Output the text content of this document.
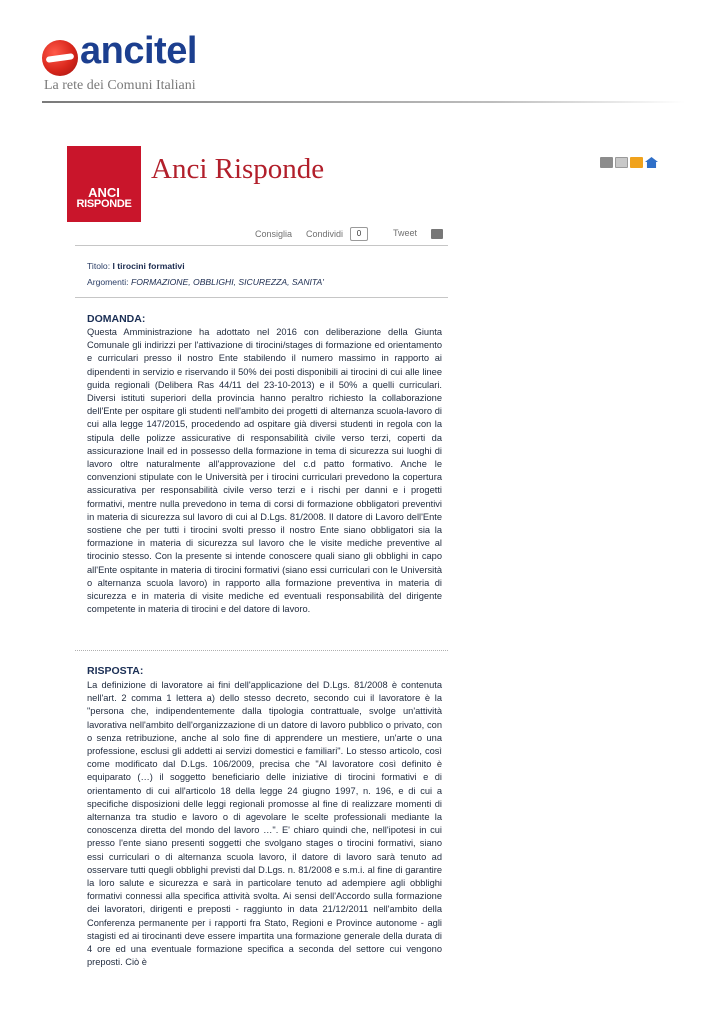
ancitel
La rete dei Comuni Italiani
ANCI
RISPONDE
Anci Risponde
Consiglia Condividi	0	Tweet
Titolo: I tirocini formativi
Argomenti: FORMAZIONE, OBBLIGHI, SICUREZZA, SANITA'
DOMANDA:
Questa Amministrazione ha adottato nel 2016 con deliberazione della Giunta Comunale gli indirizzi per l'attivazione di tirocini/stages di formazione ed orientamento e curriculari presso il nostro Ente stabilendo il numero massimo in rapporto ai dipendenti in servizio e riservando il 50% dei posti disponibili ai tirocini di cui alle linee guida regionali (Delibera Ras 44/11 del 23-10-2013) e il 50% a quelli curriculari. Diversi istituti superiori della provincia hanno peraltro richiesto la collaborazione dell'Ente per ospitare gli studenti nell'ambito dei progetti di alternanza scuola-lavoro di cui alla legge 147/2015, procedendo ad ospitare già diversi studenti in regola con la stipula delle polizze assicurative di responsabilità civile verso terzi, coperti da assicurazione Inail ed in possesso della formazione in tema di sicurezza sui luoghi di lavoro oltre naturalmente all'approvazione del c.d patto formativo. Anche le convenzioni stipulate con le Università per i tirocini curriculari prevedono la copertura assicurativa per responsabilità civile verso terzi e i rischi per danni e i progetti formativi, mentre nulla prevedono in tema di corsi di formazione obbligatori preventivi in materia di sicurezza sul lavoro di cui al D.Lgs. 81/2008. Il datore di Lavoro dell'Ente sostiene che per tutti i tirocini svolti presso il nostro Ente siano obbligatori sia la formazione in materia di sicurezza sul lavoro che le visite mediche preventive al tirocinio stesso. Con la presente si intende conoscere quali siano gli obblighi in capo all'Ente ospitante in materia di tirocini formativi (siano essi curriculari con le Università o alternanza scuola lavoro) in rapporto alla formazione preventiva in materia di sicurezza e in materia di visite mediche ed eventuali responsabilità del dirigente competente in materia di tirocini e del datore di lavoro.
RISPOSTA:
La definizione di lavoratore ai fini dell'applicazione del D.Lgs. 81/2008 è contenuta nell'art. 2 comma 1 lettera a) dello stesso decreto, secondo cui il lavoratore è la "persona che, indipendentemente dalla tipologia contrattuale, svolge un'attività lavorativa nell'ambito dell'organizzazione di un datore di lavoro pubblico o privato, con o senza retribuzione, anche al solo fine di apprendere un mestiere, un'arte o una professione, esclusi gli addetti ai servizi domestici e familiari". Lo stesso articolo, così come modificato dal D.Lgs. 106/2009, precisa che "Al lavoratore così definito è equiparato (…) il soggetto beneficiario delle iniziative di tirocini formativi e di orientamento di cui all'articolo 18 della legge 24 giugno 1997, n. 196, e di cui a specifiche disposizioni delle leggi regionali promosse al fine di realizzare momenti di alternanza tra studio e lavoro o di agevolare le scelte professionali mediante la conoscenza diretta del mondo del lavoro …". E' chiaro quindi che, nell'ipotesi in cui presso l'ente siano presenti soggetti che svolgano stages o tirocini formativi, siano essi curriculari o di alternanza scuola lavoro, il datore di lavoro sarà tenuto ad osservare tutti quegli obblighi previsti dal D.Lgs. n. 81/2008 e s.m.i. al fine di garantire la loro salute e sicurezza e sarà in particolare tenuto ad adempiere agli obblighi formativi connessi alla specifica attività svolta. Ai sensi dell'Accordo sulla formazione dei lavoratori, dirigenti e preposti - raggiunto in data 21/12/2011 nell'ambito della Conferenza permanente per i rapporti fra Stato, Regioni e Province autonome - agli stagisti ed ai tirocinanti deve essere impartita una formazione generale della durata di 4 ore ed una eventuale formazione specifica a seconda del settore cui vengono preposti. Ciò è
